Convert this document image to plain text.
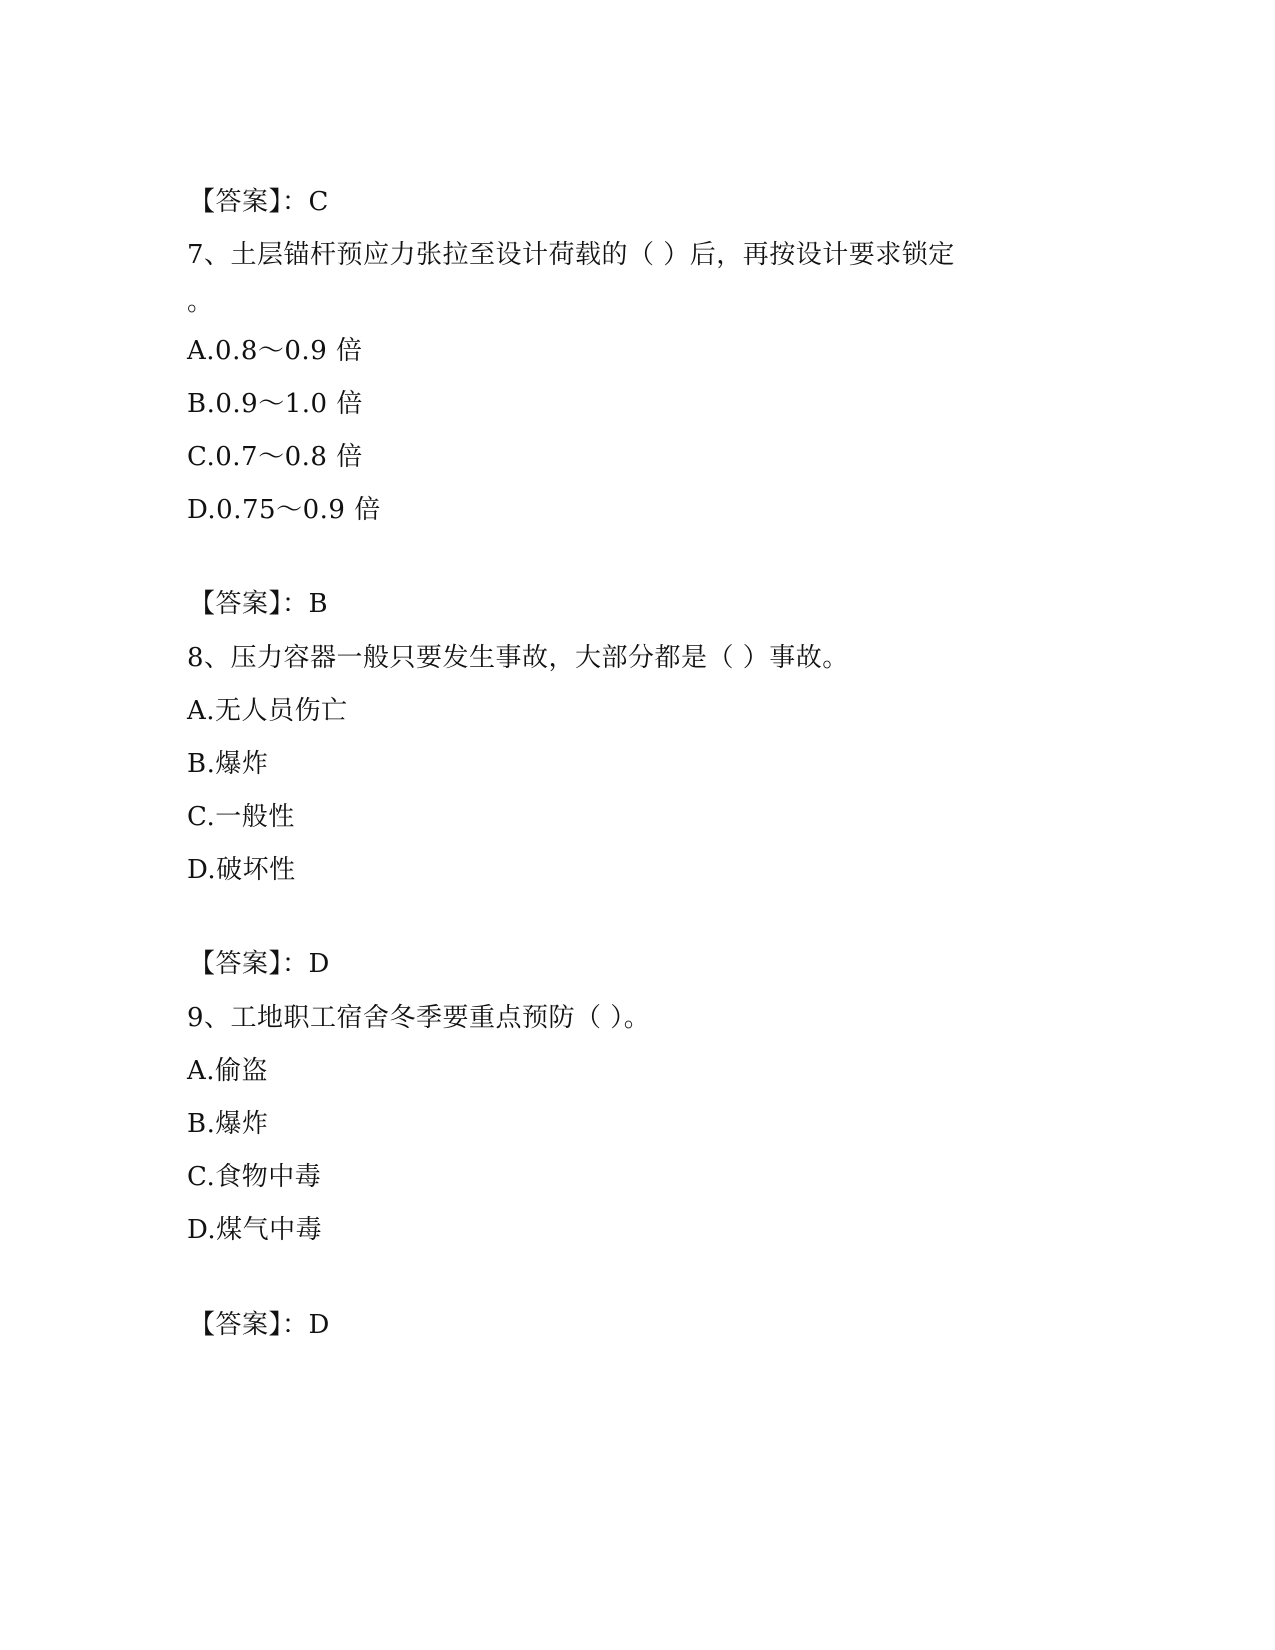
【答案】：C
7、土层锚杆预应力张拉至设计荷载的（ ）后，再按设计要求锁定
。
A.0.8～0.9 倍
B.0.9～1.0 倍
C.0.7～0.8 倍
D.0.75～0.9 倍
【答案】：B
8、压力容器一般只要发生事故，大部分都是（ ）事故。
A.无人员伤亡
B.爆炸
C.一般性
D.破坏性
【答案】：D
9、工地职工宿舍冬季要重点预防（ ）。
A.偷盗
B.爆炸
C.食物中毒
D.煤气中毒
【答案】：D
